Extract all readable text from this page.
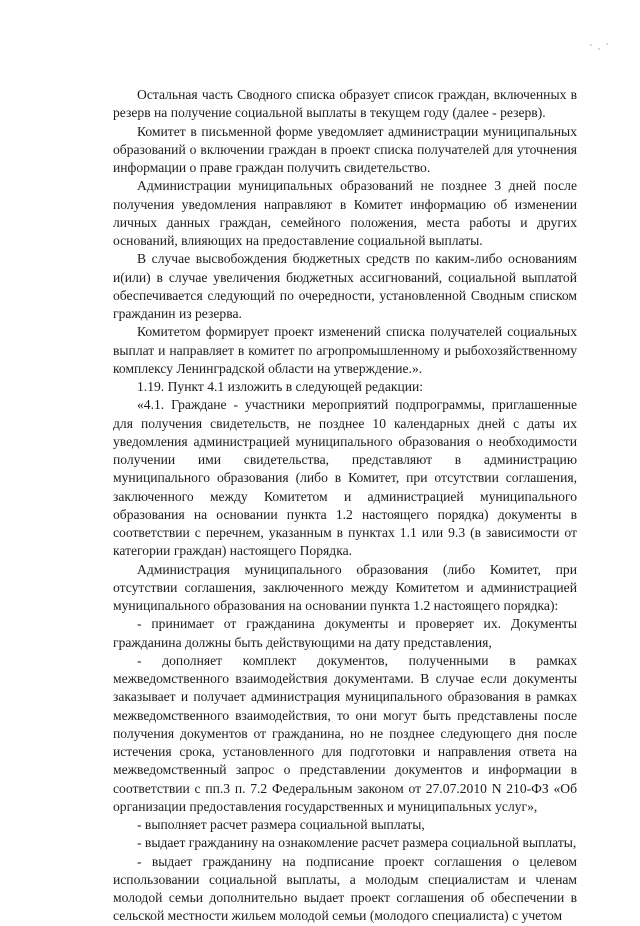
Остальная часть Сводного списка образует список граждан, включенных в резерв на получение социальной выплаты в текущем году (далее - резерв).

Комитет в письменной форме уведомляет администрации муниципальных образований о включении граждан в проект списка получателей для уточнения информации о праве граждан получить свидетельство.

Администрации муниципальных образований не позднее 3 дней после получения уведомления направляют в Комитет информацию об изменении личных данных граждан, семейного положения, места работы и других оснований, влияющих на предоставление социальной выплаты.

В случае высвобождения бюджетных средств по каким-либо основаниям и(или) в случае увеличения бюджетных ассигнований, социальной выплатой обеспечивается следующий по очередности, установленной Сводным списком гражданин из резерва.

Комитетом формирует проект изменений списка получателей социальных выплат и направляет в комитет по агропромышленному и рыбохозяйственному комплексу Ленинградской области на утверждение.».

1.19. Пункт 4.1 изложить в следующей редакции:

«4.1. Граждане - участники мероприятий подпрограммы, приглашенные для получения свидетельств, не позднее 10 календарных дней с даты их уведомления администрацией муниципального образования о необходимости получении ими свидетельства, представляют в администрацию муниципального образования (либо в Комитет, при отсутствии соглашения, заключенного между Комитетом и администрацией муниципального образования на основании пункта 1.2 настоящего порядка) документы в соответствии с перечнем, указанным в пунктах 1.1 или 9.3 (в зависимости от категории граждан) настоящего Порядка.

Администрация муниципального образования (либо Комитет, при отсутствии соглашения, заключенного между Комитетом и администрацией муниципального образования на основании пункта 1.2 настоящего порядка):

- принимает от гражданина документы и проверяет их. Документы гражданина должны быть действующими на дату представления,

- дополняет комплект документов, полученными в рамках межведомственного взаимодействия документами. В случае если документы заказывает и получает администрация муниципального образования в рамках межведомственного взаимодействия, то они могут быть представлены после получения документов от гражданина, но не позднее следующего дня после истечения срока, установленного для подготовки и направления ответа на межведомственный запрос о представлении документов и информации в соответствии с пп.3 п. 7.2 Федеральным законом от 27.07.2010 N 210-ФЗ «Об организации предоставления государственных и муниципальных услуг»,

- выполняет расчет размера социальной выплаты,

- выдает гражданину на ознакомление расчет размера социальной выплаты,

- выдает гражданину на подписание проект соглашения о целевом использовании социальной выплаты, а молодым специалистам и членам молодой семьи дополнительно выдает проект соглашения об обеспечении в сельской местности жильем молодой семьи (молодого специалиста) с учетом
